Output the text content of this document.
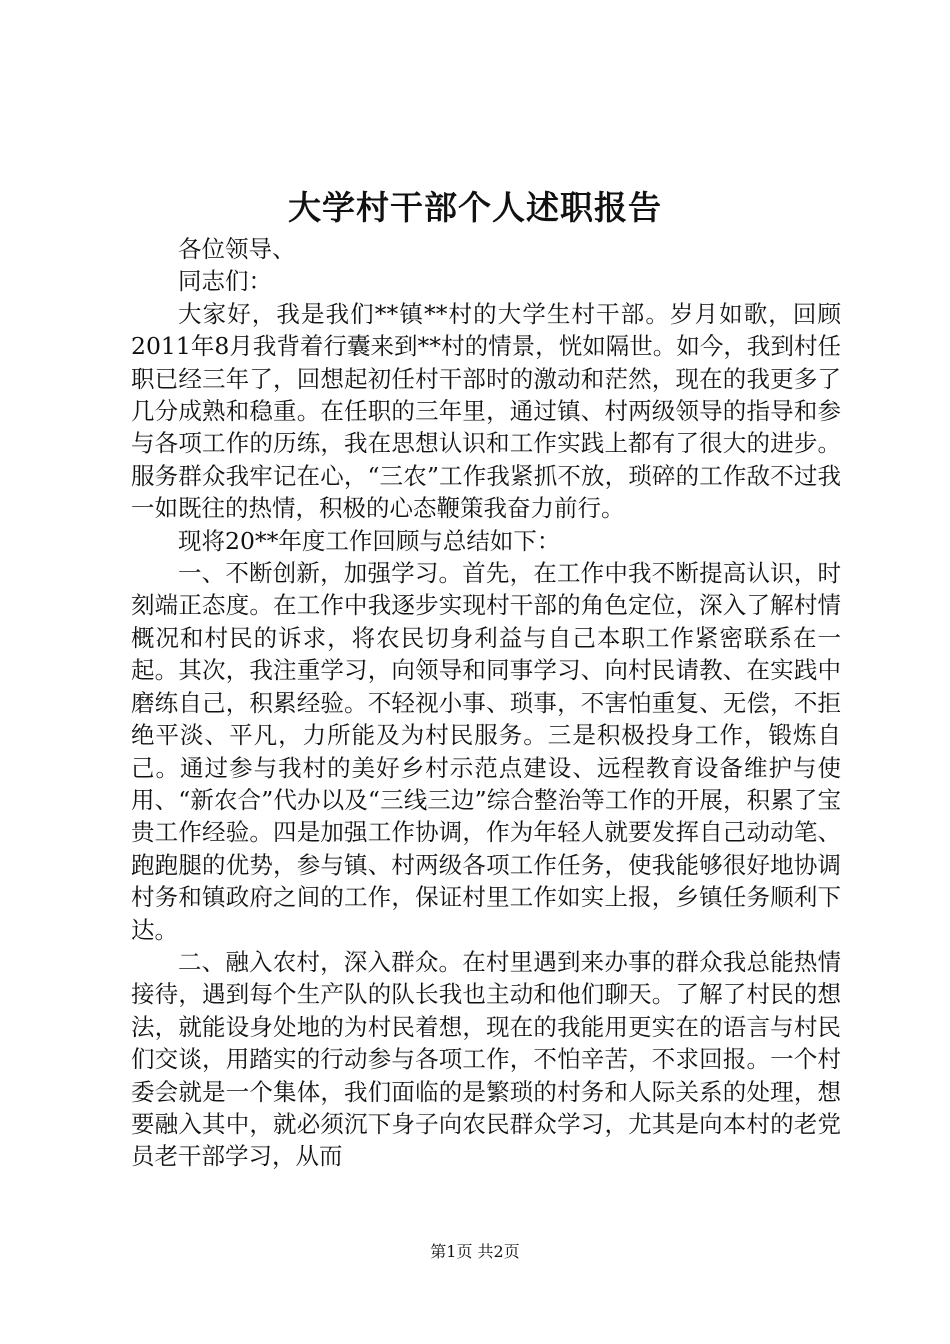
大学村干部个人述职报告

各位领导、

同志们：

大家好，我是我们**镇**村的大学生村干部。岁月如歌，回顾2011年8月我背着行囊来到**村的情景，恍如隔世。如今，我到村任职已经三年了，回想起初任村干部时的激动和茫然，现在的我更多了几分成熟和稳重。在任职的三年里，通过镇、村两级领导的指导和参与各项工作的历练，我在思想认识和工作实践上都有了很大的进步。服务群众我牢记在心，“三农”工作我紧抓不放，琐碎的工作敌不过我一如既往的热情，积极的心态鞭策我奋力前行。

现将20**年度工作回顾与总结如下：

一、不断创新，加强学习。首先，在工作中我不断提高认识，时刻端正态度。在工作中我逐步实现村干部的角色定位，深入了解村情概况和村民的诉求，将农民切身利益与自己本职工作紧密联系在一起。其次，我注重学习，向领导和同事学习、向村民请教、在实践中磨练自己，积累经验。不轻视小事、琐事，不害怕重复、无偿，不拒绝平淡、平凡，力所能及为村民服务。三是积极投身工作，锻炼自己。通过参与我村的美好乡村示范点建设、远程教育设备维护与使用、“新农合”代办以及“三线三边”综合整治等工作的开展，积累了宝贵工作经验。四是加强工作协调，作为年轻人就要发挥自己动动笔、跑跑腿的优势，参与镇、村两级各项工作任务，使我能够很好地协调村务和镇政府之间的工作，保证村里工作如实上报，乡镇任务顺利下达。

二、融入农村，深入群众。在村里遇到来办事的群众我总能热情接待，遇到每个生产队的队长我也主动和他们聊天。了解了村民的想法，就能设身处地的为村民着想，现在的我能用更实在的语言与村民们交谈，用踏实的行动参与各项工作，不怕辛苦，不求回报。一个村委会就是一个集体，我们面临的是繁琐的村务和人际关系的处理，想要融入其中，就必须沉下身子向农民群众学习，尤其是向本村的老党员老干部学习，从而

第1页 共2页
